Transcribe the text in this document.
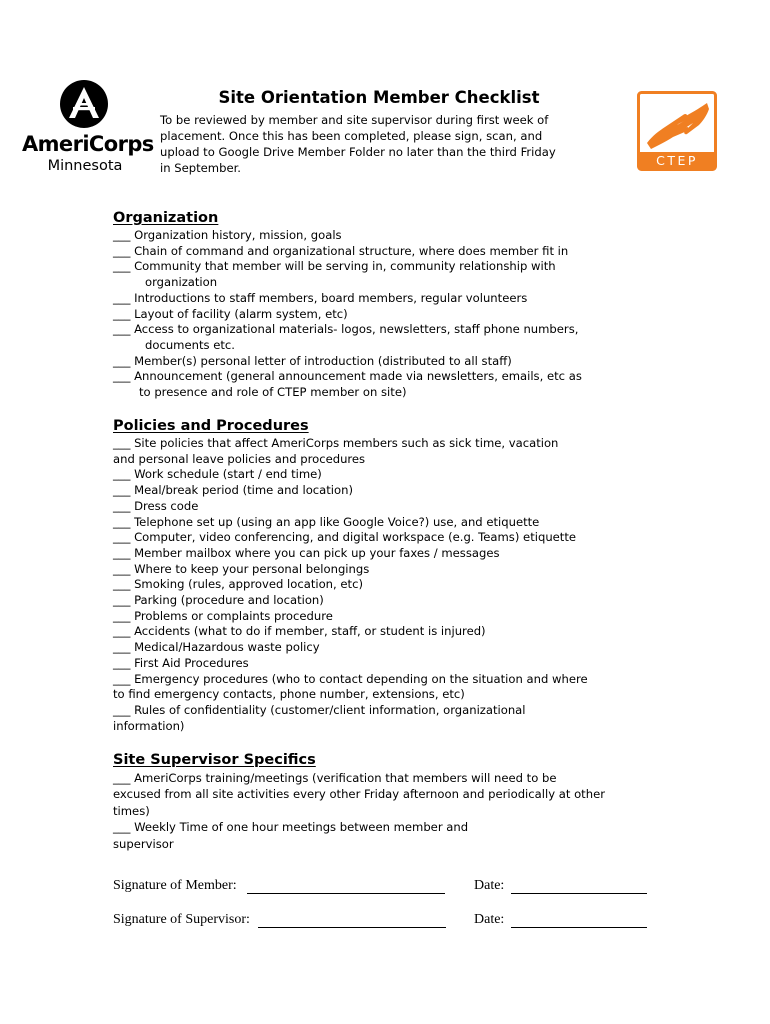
AmeriCorps
Minnesota	CTEP
Site Orientation Member Checklist
To be reviewed by member and site supervisor during first week of
placement. Once this has been completed, please sign, scan, and
upload to Google Drive Member Folder no later than the third Friday
in September.
Organization
___ Organization history, mission, goals
___ Chain of command and organizational structure, where does member fit in
___ Community that member will be serving in, community relationship with
organization
___ Introductions to staff members, board members, regular volunteers
___ Layout of facility (alarm system, etc)
___ Access to organizational materials- logos, newsletters, staff phone numbers,
documents etc.
___ Member(s) personal letter of introduction (distributed to all staff)
___ Announcement (general announcement made via newsletters, emails, etc as
to presence and role of CTEP member on site)
Policies and Procedures
___ Site policies that affect AmeriCorps members such as sick time, vacation
and personal leave policies and procedures
___ Work schedule (start / end time)
___ Meal/break period (time and location)
___ Dress code
___ Telephone set up (using an app like Google Voice?) use, and etiquette
___ Computer, video conferencing, and digital workspace (e.g. Teams) etiquette
___ Member mailbox where you can pick up your faxes / messages
___ Where to keep your personal belongings
___ Smoking (rules, approved location, etc)
___ Parking (procedure and location)
___ Problems or complaints procedure
___ Accidents (what to do if member, staff, or student is injured)
___ Medical/Hazardous waste policy
___ First Aid Procedures
___ Emergency procedures (who to contact depending on the situation and where
to find emergency contacts, phone number, extensions, etc)
___ Rules of confidentiality (customer/client information, organizational
information)
Site Supervisor Specifics
___ AmeriCorps training/meetings (verification that members will need to be
excused from all site activities every other Friday afternoon and periodically at other
times)
___ Weekly Time of one hour meetings between member and
supervisor
Signature of Member:	Date:
Signature of Supervisor:	Date:
